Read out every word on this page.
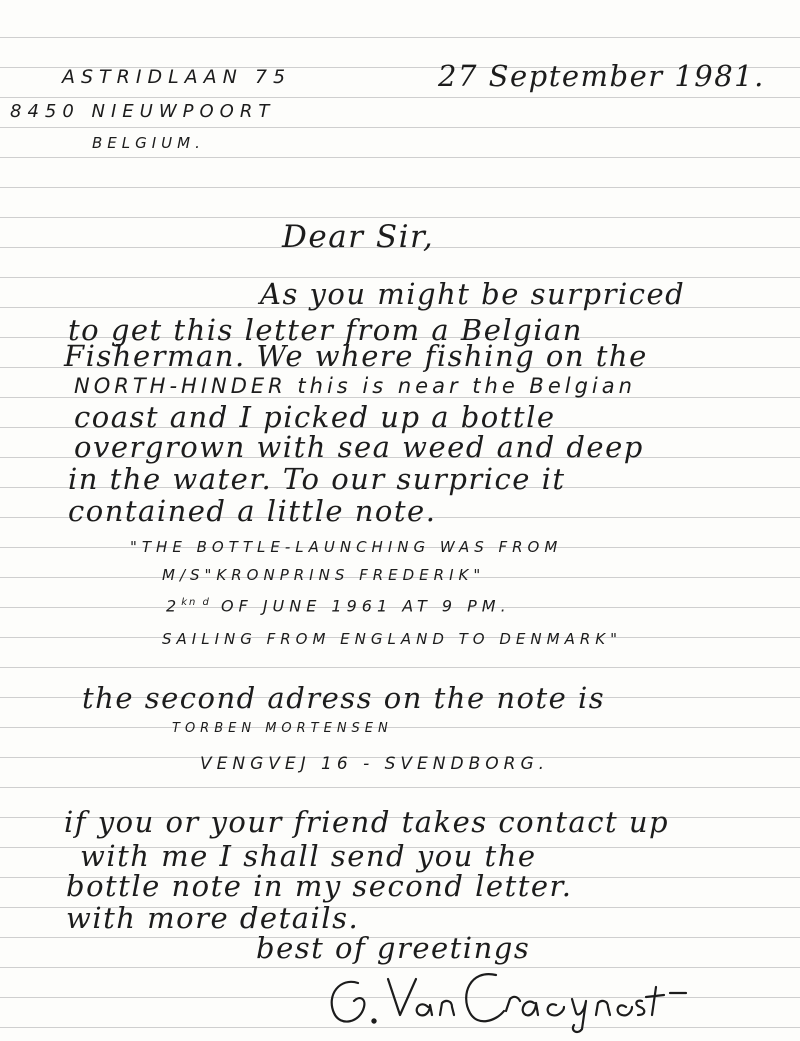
ASTRIDLAAN 75
8450 NIEUWPOORT
BELGIUM.
27 September 1981.
Dear Sir,
As you might be surpriced
to get this letter from a Belgian
Fisherman. We where fishing on the
NORTH-HINDER this is near the Belgian
coast and I picked up a bottle
overgrown with sea weed and deep
in the water. To our surprice it
contained a little note.
"THE BOTTLE-LAUNCHING WAS FROM
M/S"KRONPRINS FREDERIK"
$2^{kn d}$ OF JUNE 1961 AT 9 PM.
SAILING FROM ENGLAND TO DENMARK"
the second adress on the note is
TORBEN MORTENSEN
VENGVEJ 16 - SVENDBORG.
if you or your friend takes contact up
with me I shall send you the
bottle note in my second letter.
with more details.
best of greetings
